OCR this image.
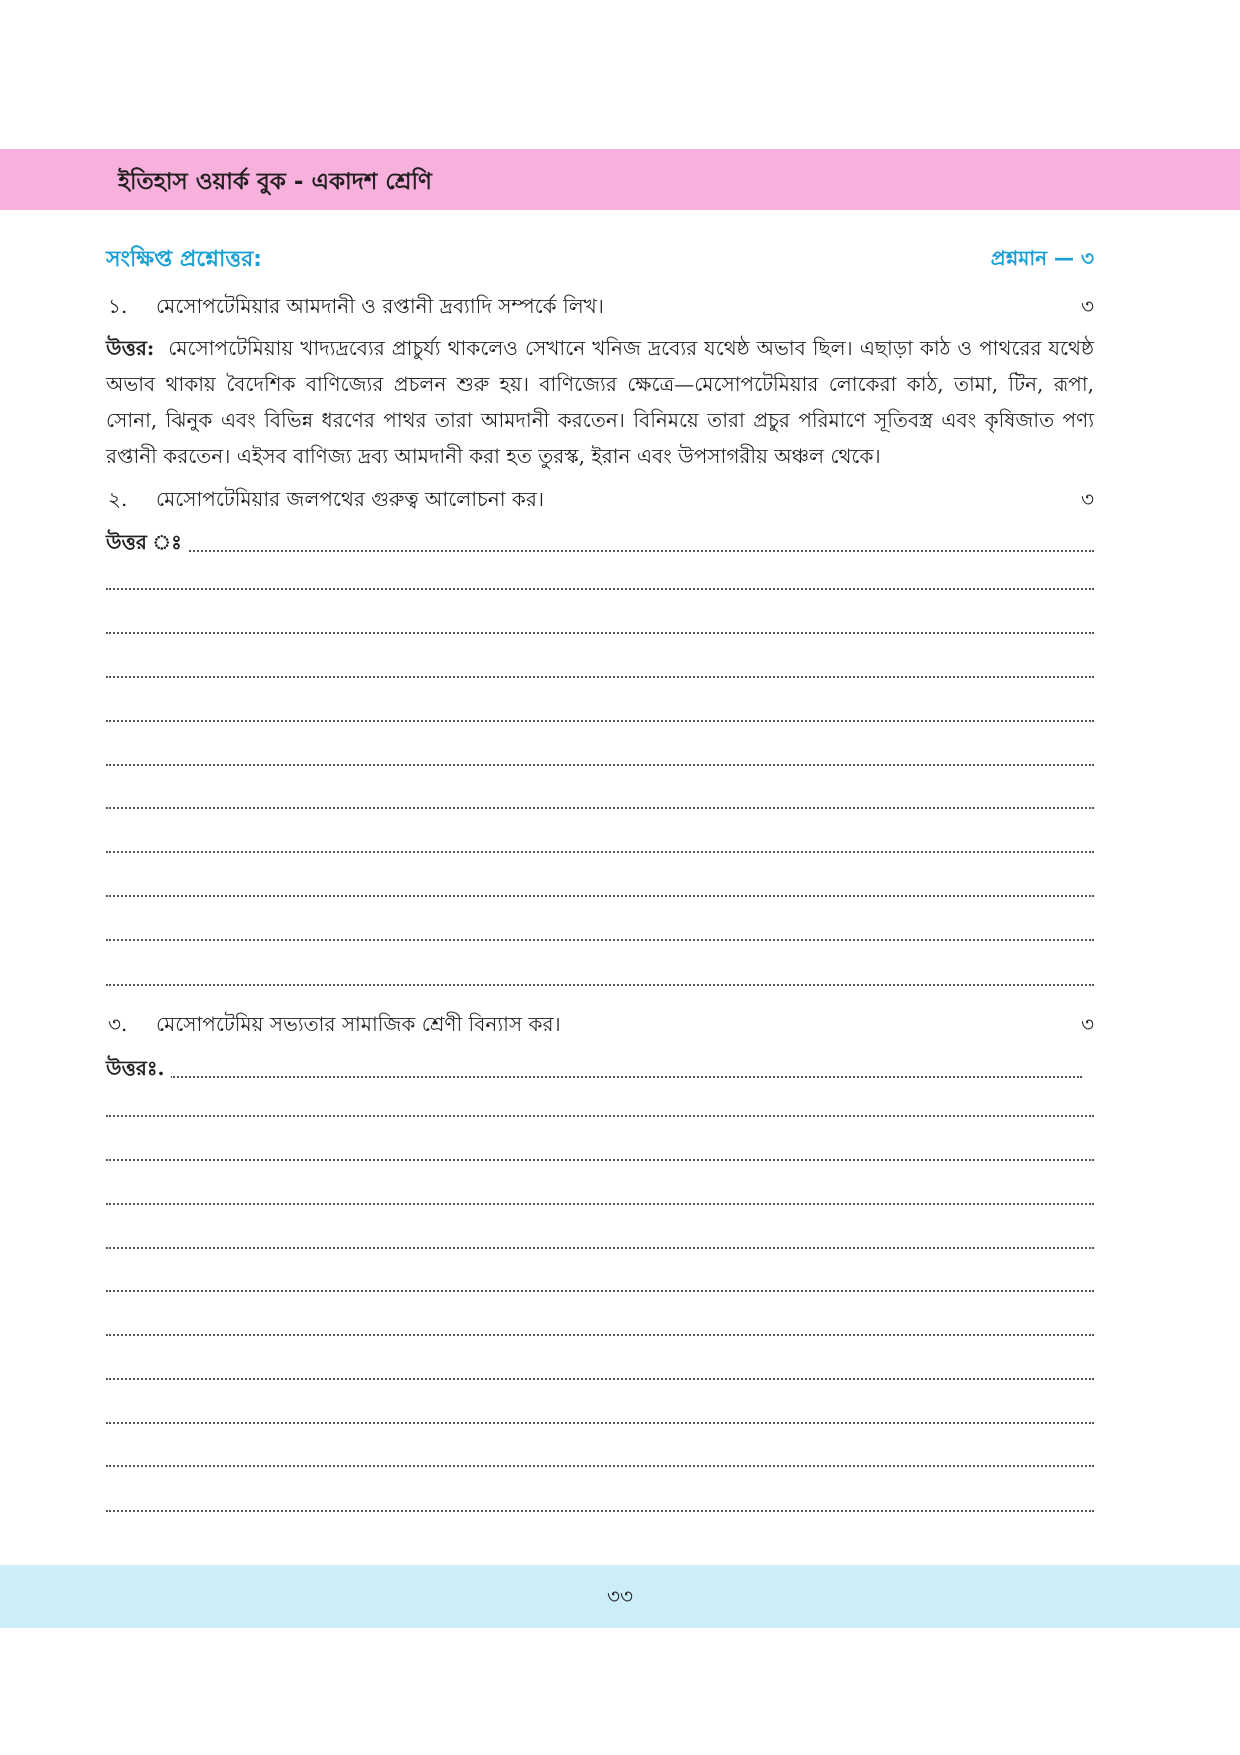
ইতিহাস ওয়ার্ক বুক - একাদশ শ্রেণি
সংক্ষিপ্ত প্রশ্নোত্তর:	প্রশ্নমান — ৩
১. মেসোপটেমিয়ার আমদানী ও রপ্তানী দ্রব্যাদি সম্পর্কে লিখ।	৩
উত্তর: মেসোপটেমিয়ায় খাদ্যদ্রব্যের প্রাচুর্য্য থাকলেও সেখানে খনিজ দ্রব্যের যথেষ্ঠ অভাব ছিল। এছাড়া কাঠ ও পাথরের যথেষ্ঠ অভাব থাকায় বৈদেশিক বাণিজ্যের প্রচলন শুরু হয়। বাণিজ্যের ক্ষেত্রে—মেসোপটেমিয়ার লোকেরা কাঠ, তামা, টিন, রূপা, সোনা, ঝিনুক এবং বিভিন্ন ধরণের পাথর তারা আমদানী করতেন। বিনিময়ে তারা প্রচুর পরিমাণে সূতিবস্ত্র এবং কৃষিজাত পণ্য রপ্তানী করতেন। এইসব বাণিজ্য দ্রব্য আমদানী করা হত তুরস্ক, ইরান এবং উপসাগরীয় অঞ্চল থেকে।
২. মেসোপটেমিয়ার জলপথের গুরুত্ব আলোচনা কর।	৩
উত্তর ঃ
৩. মেসোপটেমিয় সভ্যতার সামাজিক শ্রেণী বিন্যাস কর।	৩
উত্তরঃ.
৩৩
